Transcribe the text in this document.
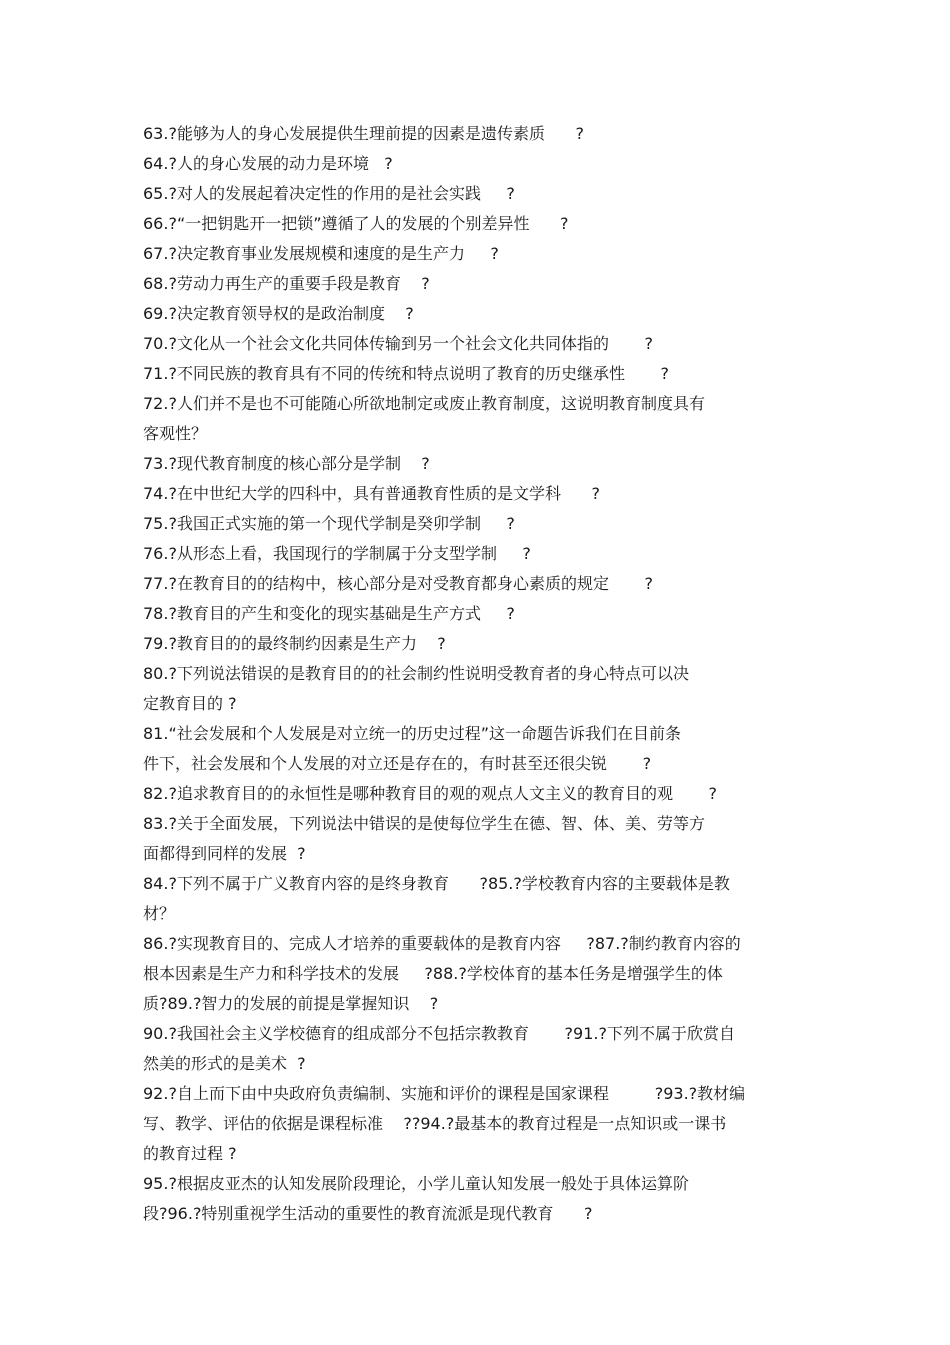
63.?能够为人的身心发展提供生理前提的因素是遗传素质      ?
64.?人的身心发展的动力是环境   ?
65.?对人的发展起着决定性的作用的是社会实践     ?
66.?“一把钥匙开一把锁”遵循了人的发展的个别差异性      ?
67.?决定教育事业发展规模和速度的是生产力     ?
68.?劳动力再生产的重要手段是教育    ?
69.?决定教育领导权的是政治制度    ?
70.?文化从一个社会文化共同体传输到另一个社会文化共同体指的       ?
71.?不同民族的教育具有不同的传统和特点说明了教育的历史继承性       ?
72.?人们并不是也不可能随心所欲地制定或废止教育制度，这说明教育制度具有
客观性？
73.?现代教育制度的核心部分是学制    ?
74.?在中世纪大学的四科中，具有普通教育性质的是文学科      ?
75.?我国正式实施的第一个现代学制是癸卯学制     ?
76.?从形态上看，我国现行的学制属于分支型学制     ?
77.?在教育目的的结构中，核心部分是对受教育都身心素质的规定       ?
78.?教育目的产生和变化的现实基础是生产方式     ?
79.?教育目的的最终制约因素是生产力    ?
80.?下列说法错误的是教育目的的社会制约性说明受教育者的身心特点可以决
定教育目的 ?
81.“社会发展和个人发展是对立统一的历史过程”这一命题告诉我们在目前条
件下，社会发展和个人发展的对立还是存在的，有时甚至还很尖锐       ?
82.?追求教育目的的永恒性是哪种教育目的观的观点人文主义的教育目的观       ?
83.?关于全面发展，下列说法中错误的是使每位学生在德、智、体、美、劳等方
面都得到同样的发展  ?
84.?下列不属于广义教育内容的是终身教育      ?85.?学校教育内容的主要载体是教
材？
86.?实现教育目的、完成人才培养的重要载体的是教育内容     ?87.?制约教育内容的
根本因素是生产力和科学技术的发展     ?88.?学校体育的基本任务是增强学生的体
质?89.?智力的发展的前提是掌握知识    ?
90.?我国社会主义学校德育的组成部分不包括宗教教育       ?91.?下列不属于欣赏自
然美的形式的是美术  ?
92.?自上而下由中央政府负责编制、实施和评价的课程是国家课程         ?93.?教材编
写、教学、评估的依据是课程标准    ??94.?最基本的教育过程是一点知识或一课书
的教育过程 ?
95.?根据皮亚杰的认知发展阶段理论，小学儿童认知发展一般处于具体运算阶
段?96.?特别重视学生活动的重要性的教育流派是现代教育      ?
